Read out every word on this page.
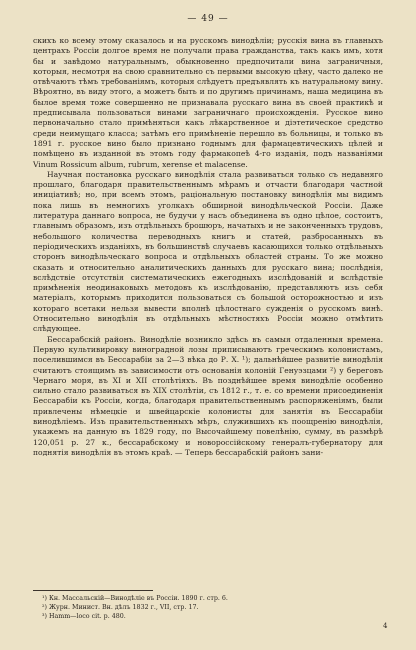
— 49 —

скихъ ко всему этому сказалось и на русскомъ винодѣліи; русскія вина въ главныхъ центрахъ Россіи долгое время не получали права гражданства, такъ какъ имъ, хотя бы и завѣдомо натуральнымъ, обыкновенно предпочитали вина заграничныя, которыя, несмотря на свою сравнительно съ первыми высокую цѣну, часто далеко не отвѣчаютъ тѣмъ требованіямъ, которыя слѣдуетъ предъявлять къ натуральному вину. Вѣроятно, въ виду этого, а можетъ быть и по другимъ причинамъ, наша медицина въ былое время тоже совершенно не признавала русскаго вина въ своей практикѣ и предписывала пользоваться винами заграничнаго происхожденія. Русское вино первоначально стало примѣняться какъ лѣкарственное и діэтетическое средство среди неимущаго класса; затѣмъ его примѣненіе перешло въ больницы, и только въ 1891 г. русское вино было признано годнымъ для фармацевтическихъ цѣлей и помѣщено въ изданной въ этомъ году фармакопеѣ 4-го изданія, подъ названіями Vinum Rossicum album, rubrum, xerense et malacense.

Научная постановка русскаго винодѣлія стала развиваться только съ недавняго прошлаго, благодаря правительственнымъ мѣрамъ и отчасти благодаря частной иниціативѣ; но, при всемъ этомъ, раціональную постановку винодѣлія мы видимъ пока лишь въ немногихъ уголкахъ обширной винодѣльческой Россіи. Даже литература даннаго вопроса, не будучи у насъ объединена въ одно цѣлое, состоитъ, главнымъ образомъ, изъ отдѣльныхъ брошюръ, начатыхъ и не законченныхъ трудовъ, небольшого количества переводныхъ книгъ и статей, разбросанныхъ въ періодическихъ изданіяхъ, въ большинствѣ случаевъ касающихся только отдѣльныхъ сторонъ винодѣльческаго вопроса и отдѣльныхъ областей страны. То же можно сказать и относительно аналитическихъ данныхъ для русскаго вина; послѣднія, вслѣдствіе отсутствія систематическихъ ежегодныхъ изслѣдованій и вслѣдствіе примѣненія неодинаковыхъ методовъ къ изслѣдованію, представляютъ изъ себя матеріалъ, которымъ приходится пользоваться съ большой осторожностью и изъ котораго всетаки нельзя вывести вполнѣ цѣлостнаго сужденія о русскомъ винѣ. Относительно винодѣлія въ отдѣльныхъ мѣстностяхъ Россіи можно отмѣтить слѣдующее.

Бессарабскій районъ. Винодѣліе возникло здѣсь въ самыя отдаленныя времена. Первую культивировку виноградной лозы приписываютъ греческимъ колонистамъ, поселившимся въ Бессарабіи за 2—3 вѣка до Р. Х. ¹); дальнѣйшее развитіе винодѣлія считаютъ стоящимъ въ зависимости отъ основанія колоній Генуэзцами ²) у береговъ Чернаго моря, въ XI и XII столѣтіяхъ. Въ позднѣйшее время винодѣліе особенно сильно стало развиваться въ XIX столѣтіи, съ 1812 г., т. е. со времени присоединенія Бессарабіи къ Россіи, когда, благодаря правительственнымъ распоряженіямъ, были привлечены нѣмецкіе и швейцарскіе колонисты для занятія въ Бессарабіи винодѣліемъ. Изъ правительственныхъ мѣръ, служившихъ къ поощренію винодѣлія, укажемъ на данную въ 1829 году, по Высочайшему повелѣнію, сумму, въ размѣрѣ 120,051 р. 27 к., бессарабскому и новороссійскому генералъ-губернатору для поднятія винодѣлія въ этомъ краѣ. — Теперь бессарабскій районъ зани-

¹) Кн. Массальскій—Винодѣліе въ Россіи. 1890 г. стр. 6.
²) Журн. Минист. Вн. дѣлъ 1832 г., VII, стр. 17.
³) Hamm—loco cit. p. 480.
4
